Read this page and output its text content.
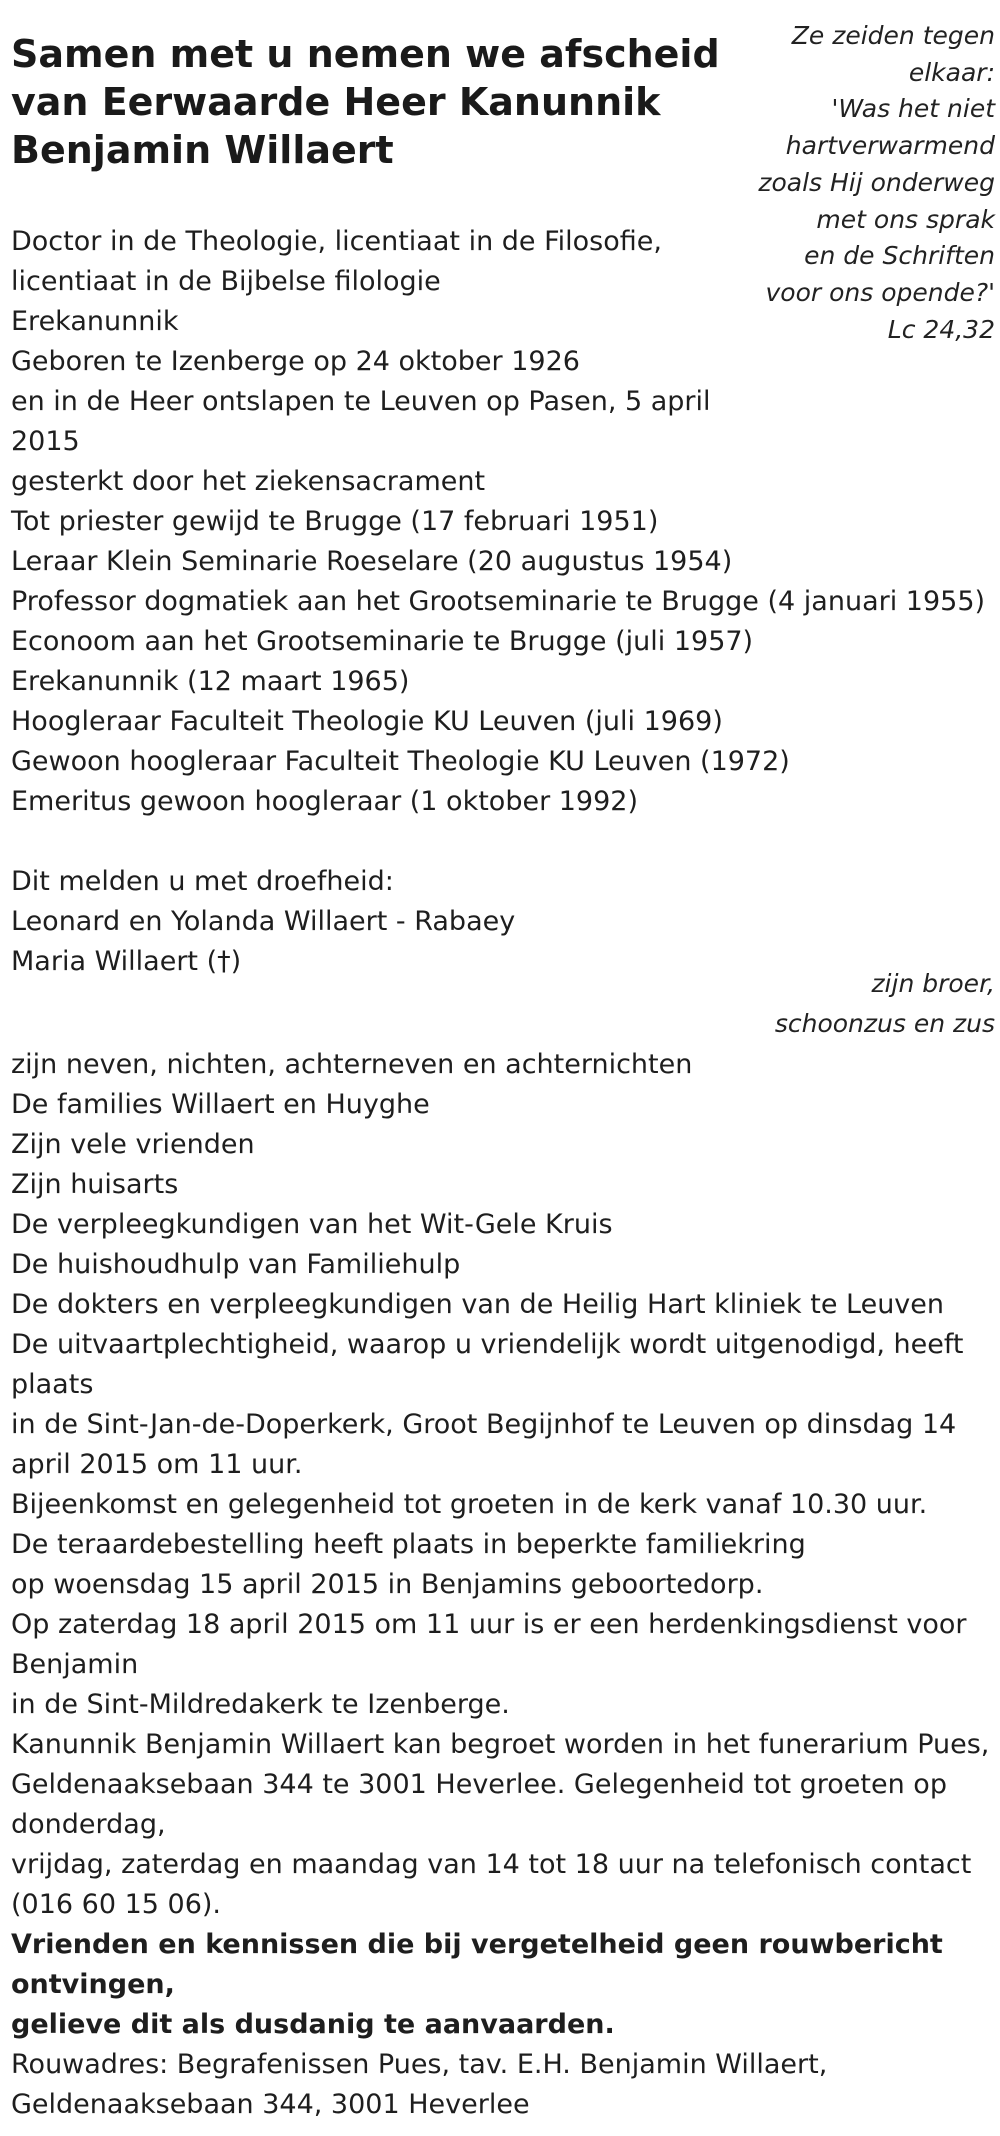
Samen met u nemen we afscheid
van Eerwaarde Heer Kanunnik
Benjamin Willaert
Ze zeiden tegen
elkaar:
'Was het niet
hartverwarmend
zoals Hij onderweg
met ons sprak
en de Schriften
voor ons opende?'
Lc 24,32
Doctor in de Theologie, licentiaat in de Filosofie,
licentiaat in de Bijbelse filologie
Erekanunnik
Geboren te Izenberge op 24 oktober 1926
en in de Heer ontslapen te Leuven op Pasen, 5 april
2015
gesterkt door het ziekensacrament
Tot priester gewijd te Brugge (17 februari 1951)
Leraar Klein Seminarie Roeselare (20 augustus 1954)
Professor dogmatiek aan het Grootseminarie te Brugge (4 januari 1955)
Econoom aan het Grootseminarie te Brugge (juli 1957)
Erekanunnik (12 maart 1965)
Hoogleraar Faculteit Theologie KU Leuven (juli 1969)
Gewoon hoogleraar Faculteit Theologie KU Leuven (1972)
Emeritus gewoon hoogleraar (1 oktober 1992)
Dit melden u met droefheid:
Leonard en Yolanda Willaert - Rabaey
Maria Willaert (†)
zijn broer,
schoonzus en zus
zijn neven, nichten, achterneven en achternichten
De families Willaert en Huyghe
Zijn vele vrienden
Zijn huisarts
De verpleegkundigen van het Wit-Gele Kruis
De huishoudhulp van Familiehulp
De dokters en verpleegkundigen van de Heilig Hart kliniek te Leuven
De uitvaartplechtigheid, waarop u vriendelijk wordt uitgenodigd, heeft
plaats
in de Sint-Jan-de-Doperkerk, Groot Begijnhof te Leuven op dinsdag 14
april 2015 om 11 uur.
Bijeenkomst en gelegenheid tot groeten in de kerk vanaf 10.30 uur.
De teraardebestelling heeft plaats in beperkte familiekring
op woensdag 15 april 2015 in Benjamins geboortedorp.
Op zaterdag 18 april 2015 om 11 uur is er een herdenkingsdienst voor
Benjamin
in de Sint-Mildredakerk te Izenberge.
Kanunnik Benjamin Willaert kan begroet worden in het funerarium Pues,
Geldenaaksebaan 344 te 3001 Heverlee. Gelegenheid tot groeten op
donderdag,
vrijdag, zaterdag en maandag van 14 tot 18 uur na telefonisch contact
(016 60 15 06).
Vrienden en kennissen die bij vergetelheid geen rouwbericht
ontvingen,
gelieve dit als dusdanig te aanvaarden.
Rouwadres: Begrafenissen Pues, tav. E.H. Benjamin Willaert,
Geldenaaksebaan 344, 3001 Heverlee
